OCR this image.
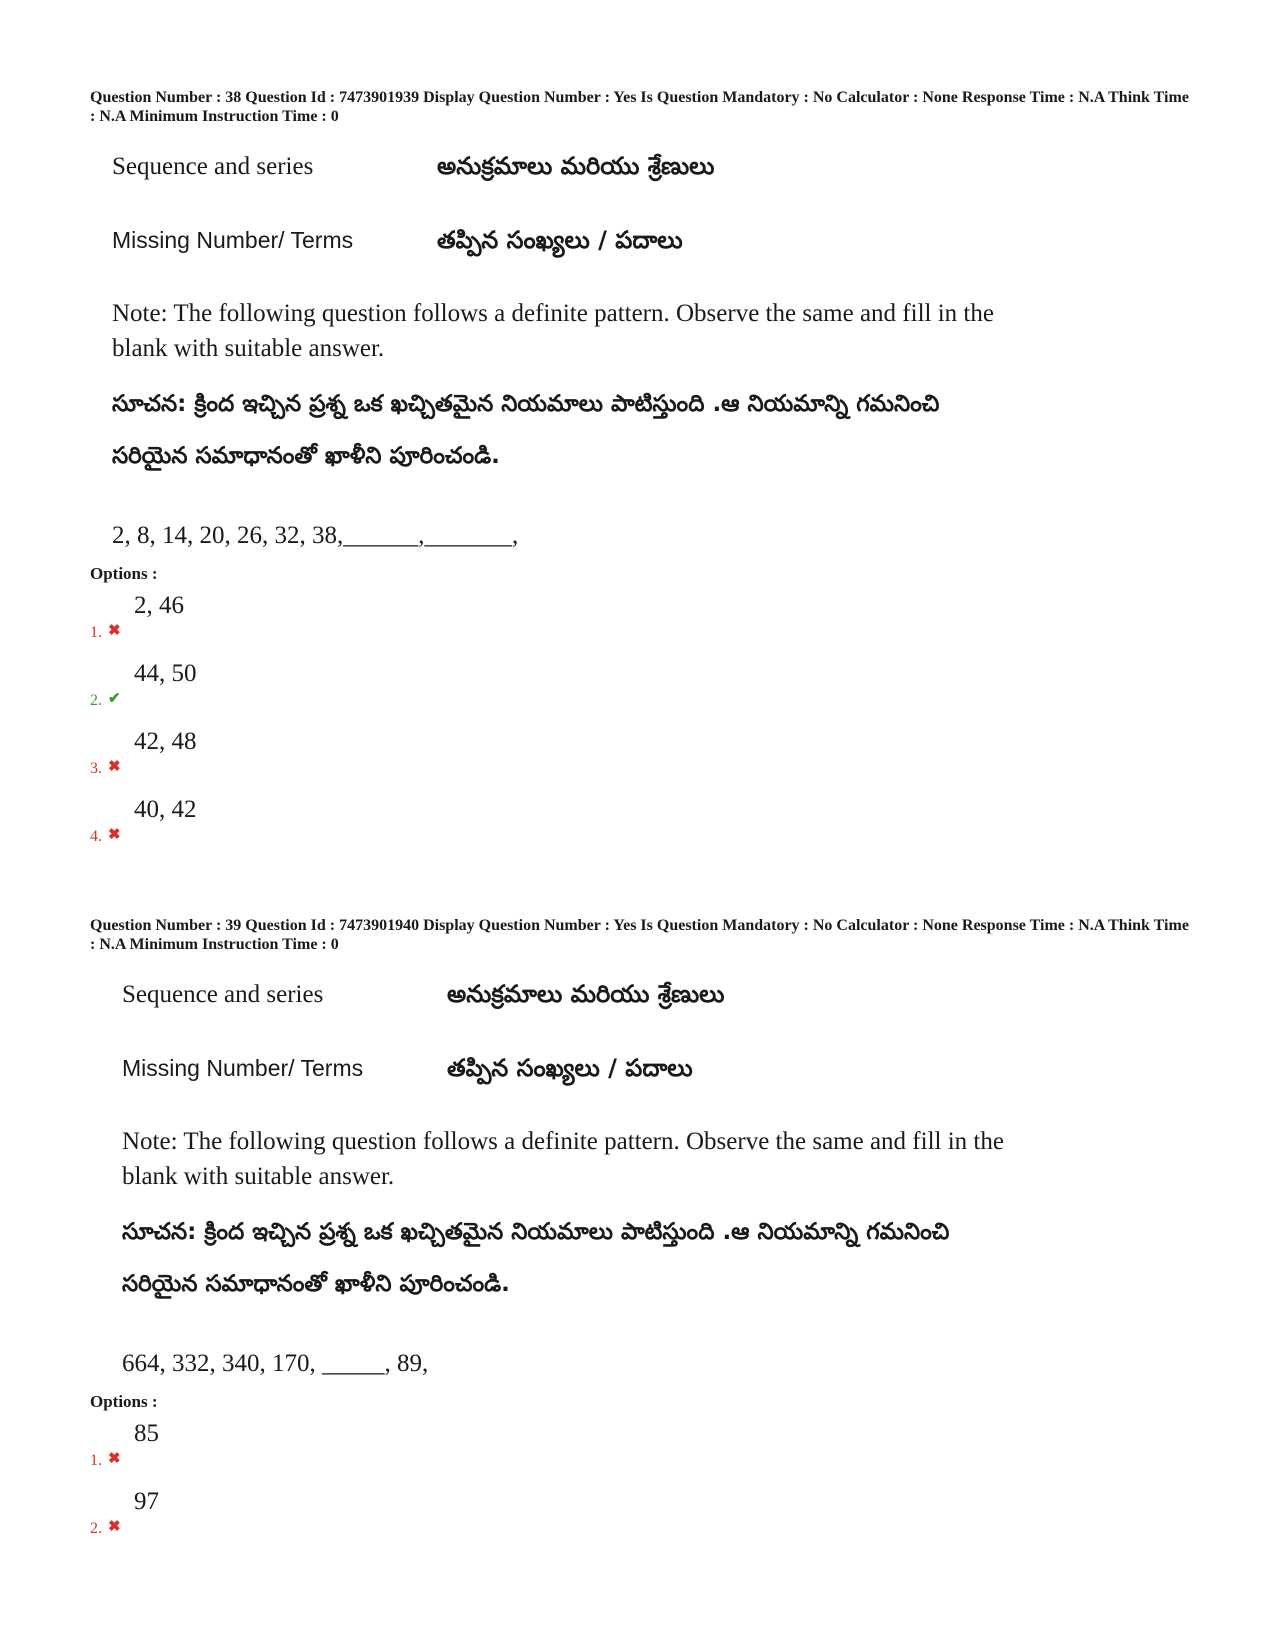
Question Number : 38 Question Id : 7473901939 Display Question Number : Yes Is Question Mandatory : No Calculator : None Response Time : N.A Think Time : N.A Minimum Instruction Time : 0
Sequence and series	అనుక్రమాలు మరియు శ్రేణులు
Missing Number/ Terms	తప్పిన సంఖ్యలు / పదాలు
Note: The following question follows a definite pattern. Observe the same and fill in the blank with suitable answer.
సూచన: క్రింద ఇచ్చిన ప్రశ్న ఒక ఖచ్చితమైన నియమాలు పాటిస్తుంది .ఆ నియమాన్ని గమనించి సరియైన సమాధానంతో ఖాళీని పూరించండి.
2, 8, 14, 20, 26, 32, 38,______,_______,
Options :
1. ✖
2, 46
2. ✔
44, 50
3. ✖
42, 48
4. ✖
40, 42
Question Number : 39 Question Id : 7473901940 Display Question Number : Yes Is Question Mandatory : No Calculator : None Response Time : N.A Think Time : N.A Minimum Instruction Time : 0
Sequence and series	అనుక్రమాలు మరియు శ్రేణులు
Missing Number/ Terms	తప్పిన సంఖ్యలు / పదాలు
Note: The following question follows a definite pattern. Observe the same and fill in the blank with suitable answer.
సూచన: క్రింద ఇచ్చిన ప్రశ్న ఒక ఖచ్చితమైన నియమాలు పాటిస్తుంది .ఆ నియమాన్ని గమనించి సరియైన సమాధానంతో ఖాళీని పూరించండి.
664, 332, 340, 170, _____, 89,
Options :
1. ✖
85
2. ✖
97
